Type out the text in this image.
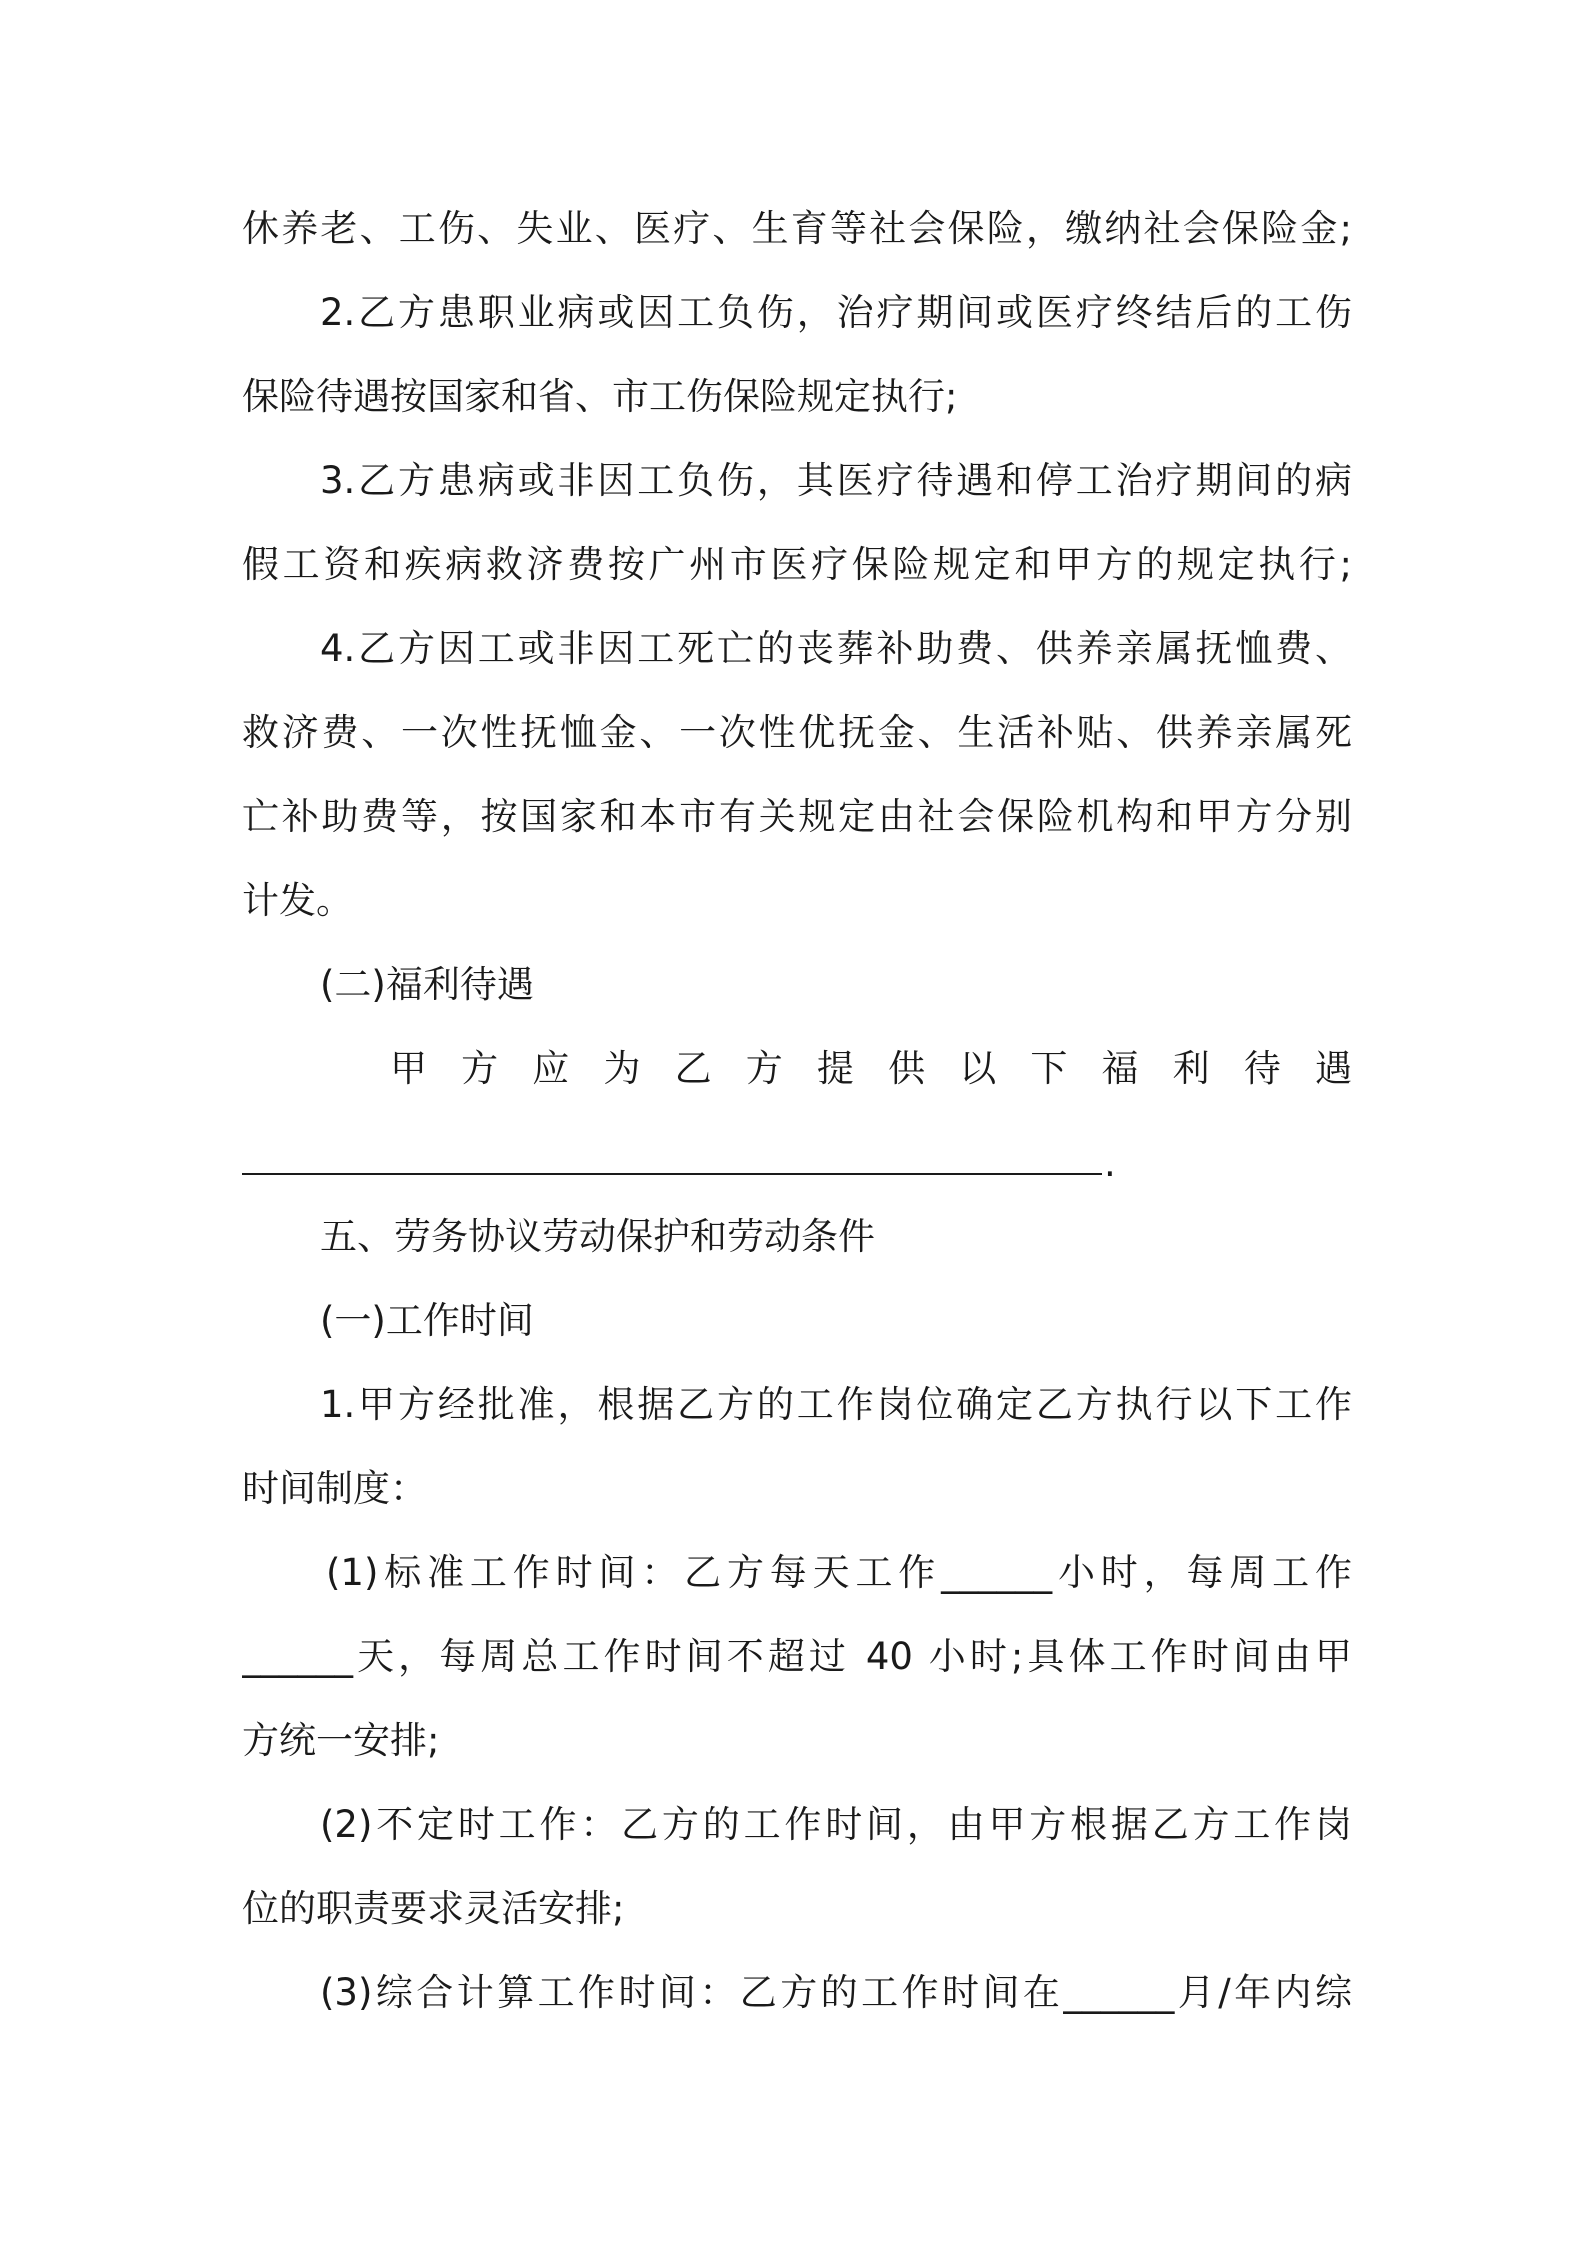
休养老、工伤、失业、医疗、生育等社会保险，缴纳社会保险金;
2.乙方患职业病或因工负伤，治疗期间或医疗终结后的工伤
保险待遇按国家和省、市工伤保险规定执行;
3.乙方患病或非因工负伤，其医疗待遇和停工治疗期间的病
假工资和疾病救济费按广州市医疗保险规定和甲方的规定执行;
4.乙方因工或非因工死亡的丧葬补助费、供养亲属抚恤费、
救济费、一次性抚恤金、一次性优抚金、生活补贴、供养亲属死
亡补助费等，按国家和本市有关规定由社会保险机构和甲方分别
计发。
(二)福利待遇
甲 方 应 为 乙 方 提 供 以 下 福 利 待 遇
.
五、劳务协议劳动保护和劳动条件
(一)工作时间
1.甲方经批准，根据乙方的工作岗位确定乙方执行以下工作
时间制度：
(1)标准工作时间：乙方每天工作______小时，每周工作
______天，每周总工作时间不超过 40 小时;具体工作时间由甲
方统一安排;
(2)不定时工作：乙方的工作时间，由甲方根据乙方工作岗
位的职责要求灵活安排;
(3)综合计算工作时间：乙方的工作时间在______月/年内综
